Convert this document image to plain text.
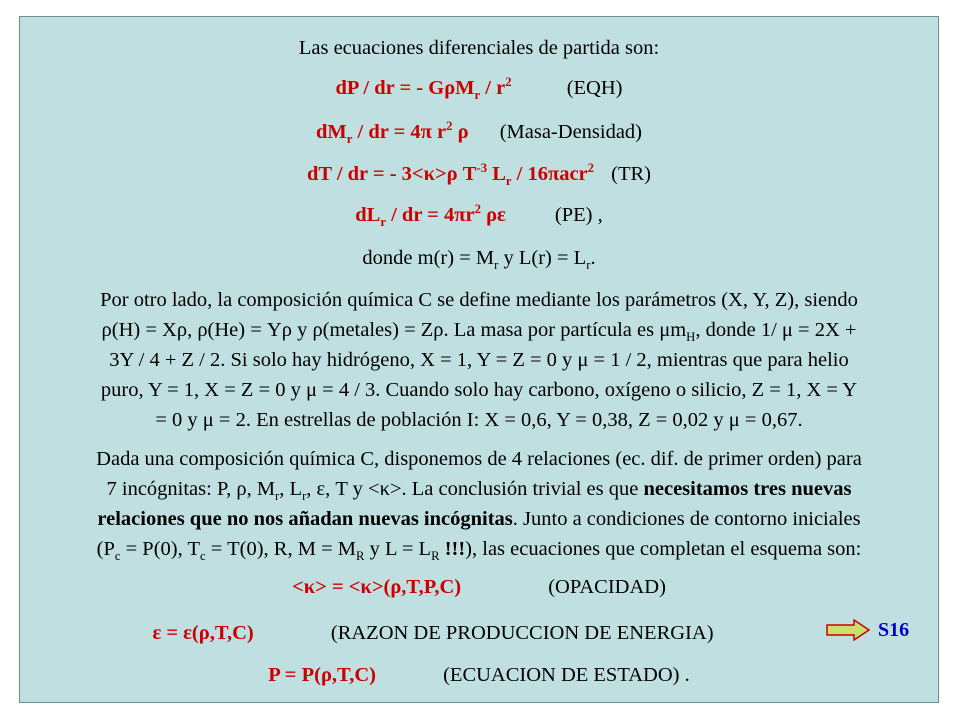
Las ecuaciones diferenciales de partida son:
dP / dr = - $G\rho M_r / r^2$	(EQH)
$dM_r$ / dr = 4π $r^2$ ρ (Masa-Densidad)
dT / dr = - 3<κ>ρ $T^{-3}$ $L_r / 16\pi acr^2$ (TR)
$dL_r$ / dr = $4\pi r^2$ ρε (PE) ,
donde $m(r) = M_r$ y $L(r) = L_r$.
Por otro lado, la composición química C se define mediante los parámetros (X, Y, Z), siendo
ρ(H) = Xρ, ρ(He) = Yρ y ρ(metales) = Zρ. La masa por partícula es $\mu m_H$, donde 1/ μ = 2X +
3Y / 4 + Z / 2. Si solo hay hidrógeno, X = 1, Y = Z = 0 y μ = 1 / 2, mientras que para helio
puro, Y = 1, X = Z = 0 y μ = 4 / 3. Cuando solo hay carbono, oxígeno o silicio, Z = 1, X = Y
= 0 y μ = 2. En estrellas de población I: X = 0,6, Y = 0,38, Z = 0,02 y μ = 0,67.
Dada una composición química C, disponemos de 4 relaciones (ec. dif. de primer orden) para
7 incógnitas: P, ρ, $M_r$, $L_r$, ε, T y <κ>. La conclusión trivial es que necesitamos tres nuevas
relaciones que no nos añadan nuevas incógnitas. Junto a condiciones de contorno iniciales
($P_c = P(0)$, $T_c = T(0)$, R, $M = M_R$ y $L = L_R$ !!!), las ecuaciones que completan el esquema son:
<κ> = <κ>(ρ,T,P,C)	(OPACIDAD)
ε = ε(ρ,T,C)	(RAZON DE PRODUCCION DE ENERGIA)
P = P(ρ,T,C)	(ECUACION DE ESTADO) .
S16
